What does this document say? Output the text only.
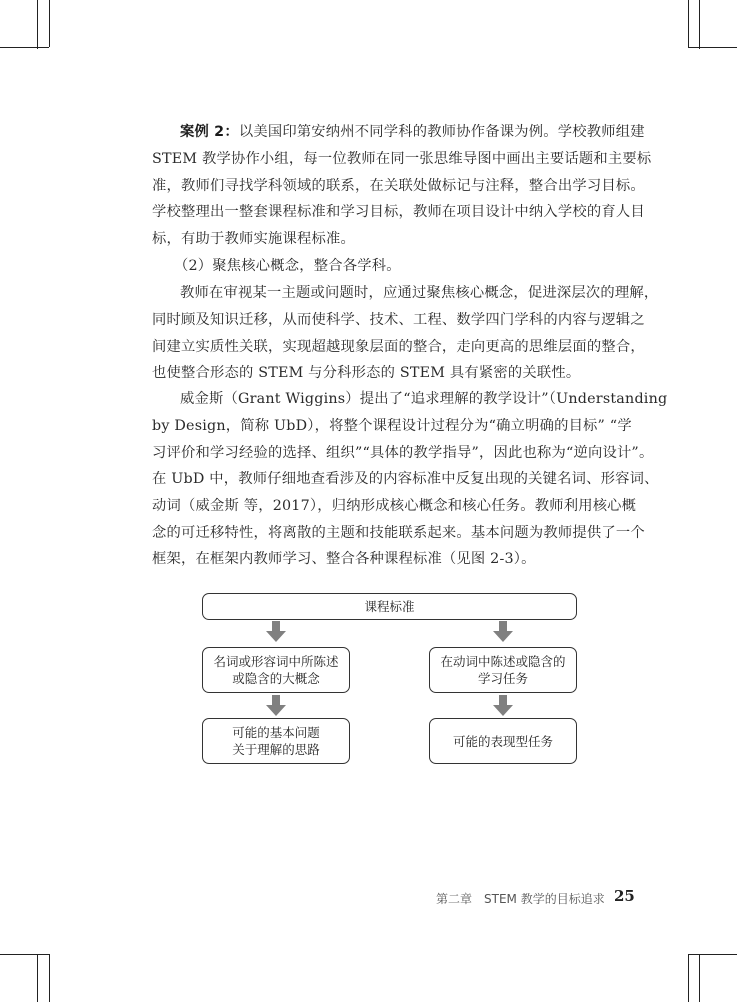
案例 2：以美国印第安纳州不同学科的教师协作备课为例。学校教师组建
STEM 教学协作小组，每一位教师在同一张思维导图中画出主要话题和主要标
准，教师们寻找学科领域的联系，在关联处做标记与注释，整合出学习目标。
学校整理出一整套课程标准和学习目标，教师在项目设计中纳入学校的育人目
标，有助于教师实施课程标准。
（2）聚焦核心概念，整合各学科。
教师在审视某一主题或问题时，应通过聚焦核心概念，促进深层次的理解，
同时顾及知识迁移，从而使科学、技术、工程、数学四门学科的内容与逻辑之
间建立实质性关联，实现超越现象层面的整合，走向更高的思维层面的整合，
也使整合形态的 STEM 与分科形态的 STEM 具有紧密的关联性。
威金斯（Grant Wiggins）提出了“追求理解的教学设计”（Understanding
by Design，简称 UbD），将整个课程设计过程分为“确立明确的目标” “学
习评价和学习经验的选择、组织”“具体的教学指导”，因此也称为“逆向设计”。
在 UbD 中，教师仔细地查看涉及的内容标准中反复出现的关键名词、形容词、
动词（威金斯 等，2017），归纳形成核心概念和核心任务。教师利用核心概
念的可迁移特性，将离散的主题和技能联系起来。基本问题为教师提供了一个
框架，在框架内教师学习、整合各种课程标准（见图 2-3）。
课程标准
名词或形容词中所陈述
或隐含的大概念
在动词中陈述或隐含的
学习任务
可能的基本问题
关于理解的思路
可能的表现型任务
第二章　STEM 教学的目标追求 25
